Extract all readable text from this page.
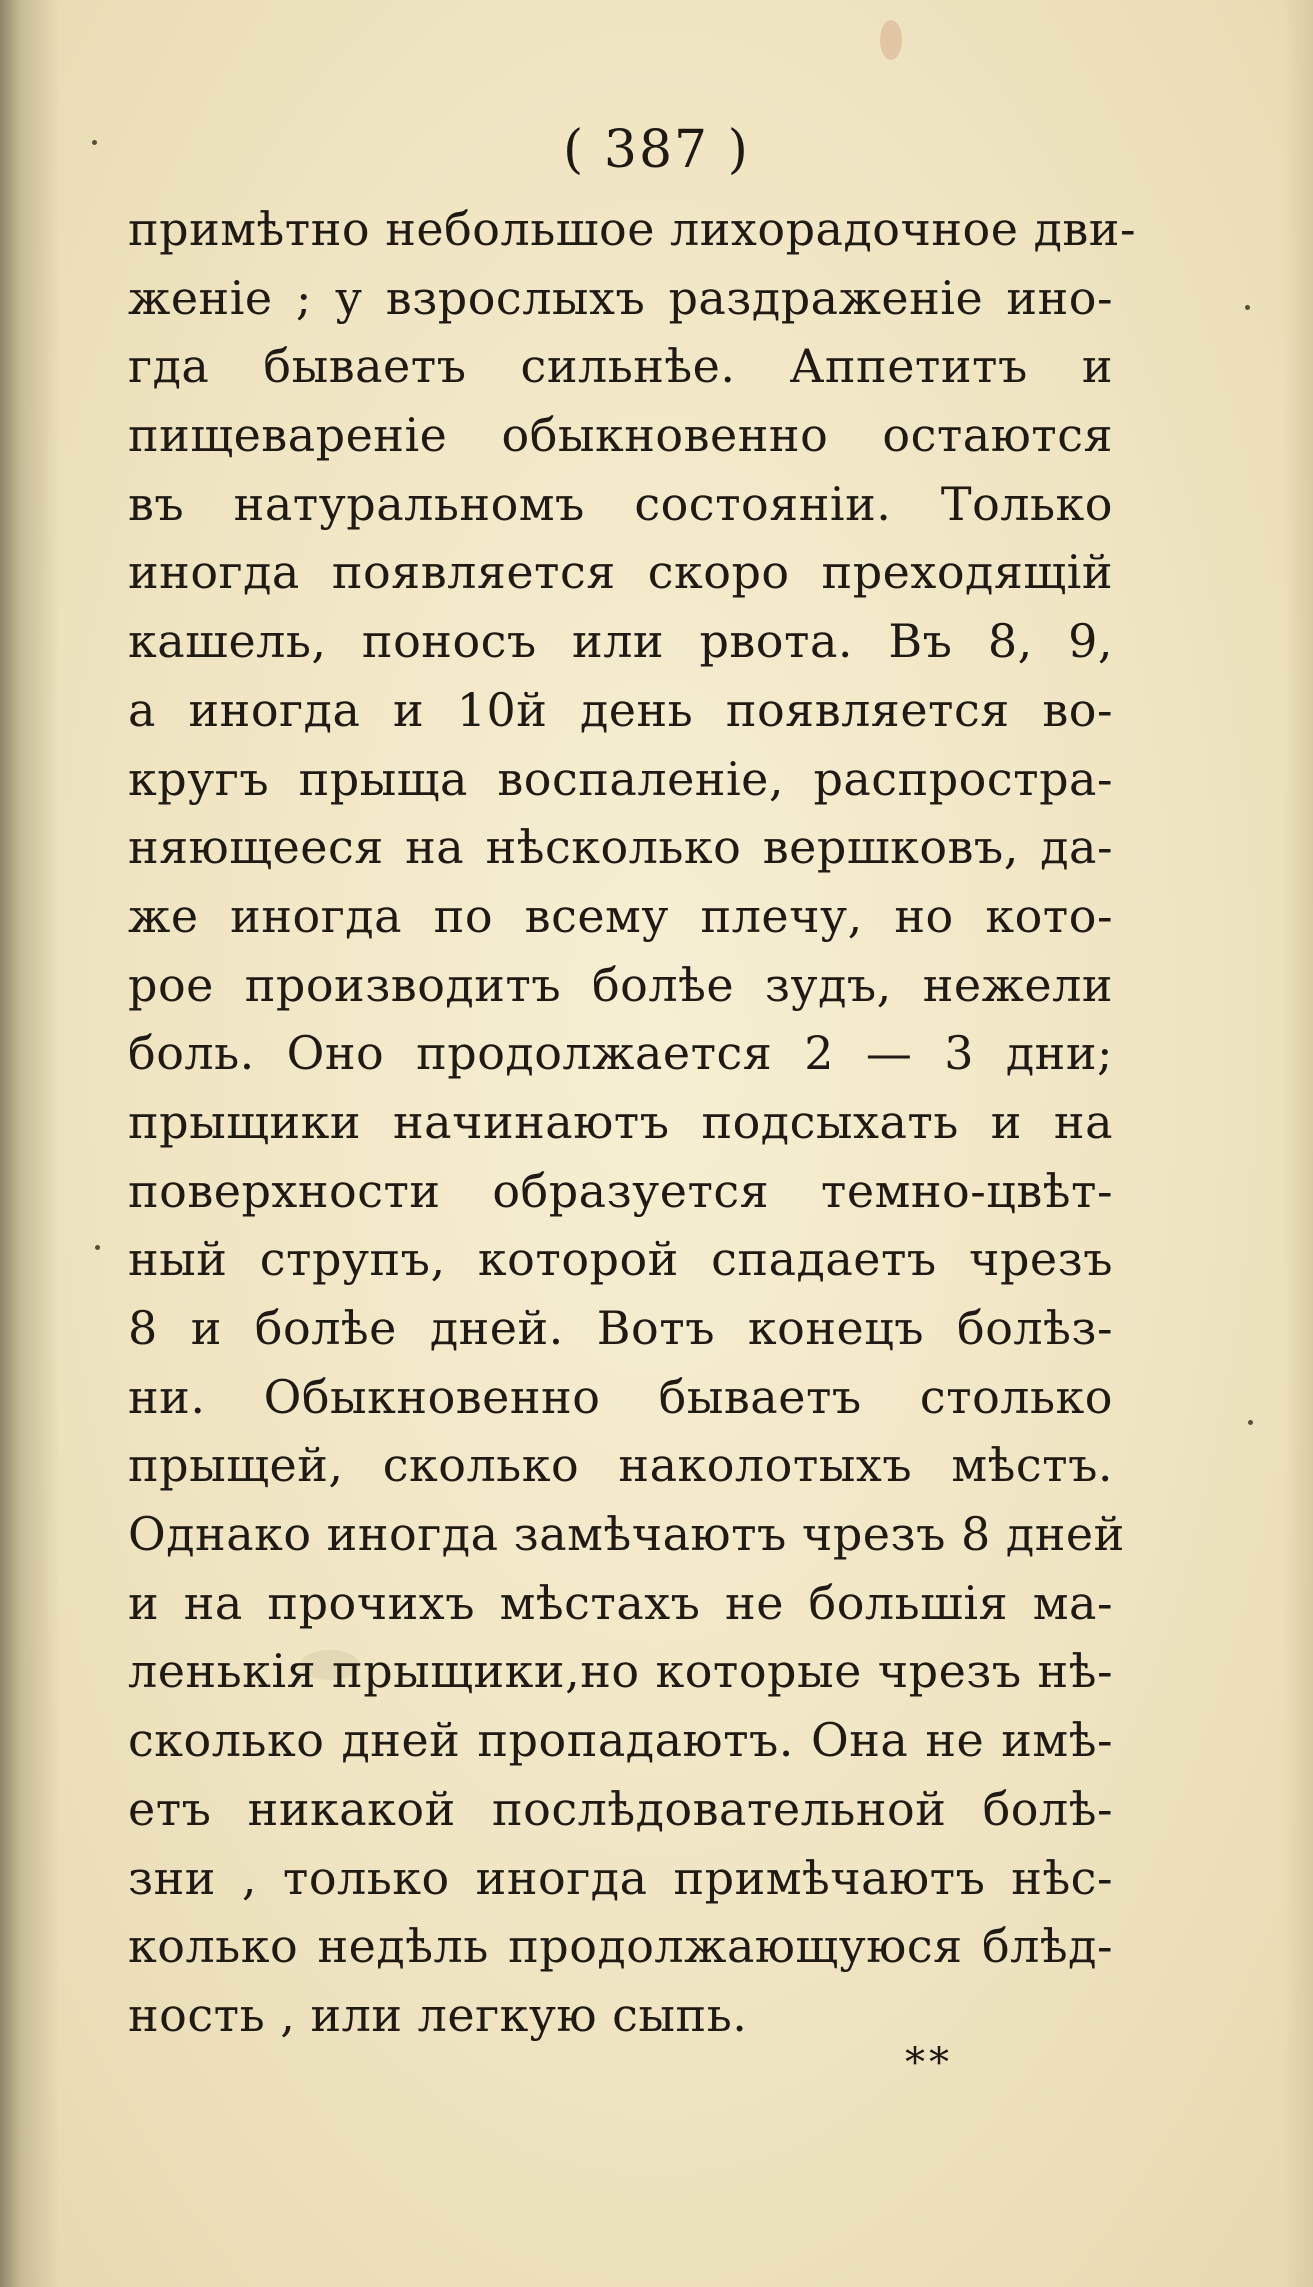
( 387 )
примѣтно небольшое лихорадочное дви-
женіе ; у взрослыхъ раздраженіе ино-
гда бываетъ сильнѣе. Аппетитъ и
пищевареніе обыкновенно остаются
въ натуральномъ состояніи. Только
иногда появляется скоро преходящій
кашель, поносъ или рвота. Въ 8, 9,
а иногда и 10й день появляется во-
кругъ прыща воспаленіе, распростра-
няющееся на нѣсколько вершковъ, да-
же иногда по всему плечу, но кото-
рое производитъ болѣе зудъ, нежели
боль. Оно продолжается 2 — 3 дни;
прыщики начинаютъ подсыхать и на
поверхности образуется темно-цвѣт-
ный струпъ, которой спадаетъ чрезъ
8 и болѣе дней. Вотъ конецъ болѣз-
ни. Обыкновенно бываетъ столько
прыщей, сколько наколотыхъ мѣстъ.
Однако иногда замѣчаютъ чрезъ 8 дней
и на прочихъ мѣстахъ не большія ма-
ленькія прыщики,но которые чрезъ нѣ-
сколько дней пропадаютъ. Она не имѣ-
етъ никакой послѣдовательной болѣ-
зни , только иногда примѣчаютъ нѣс-
колько недѣль продолжающуюся блѣд-
ность , или легкую сыпь.
**
